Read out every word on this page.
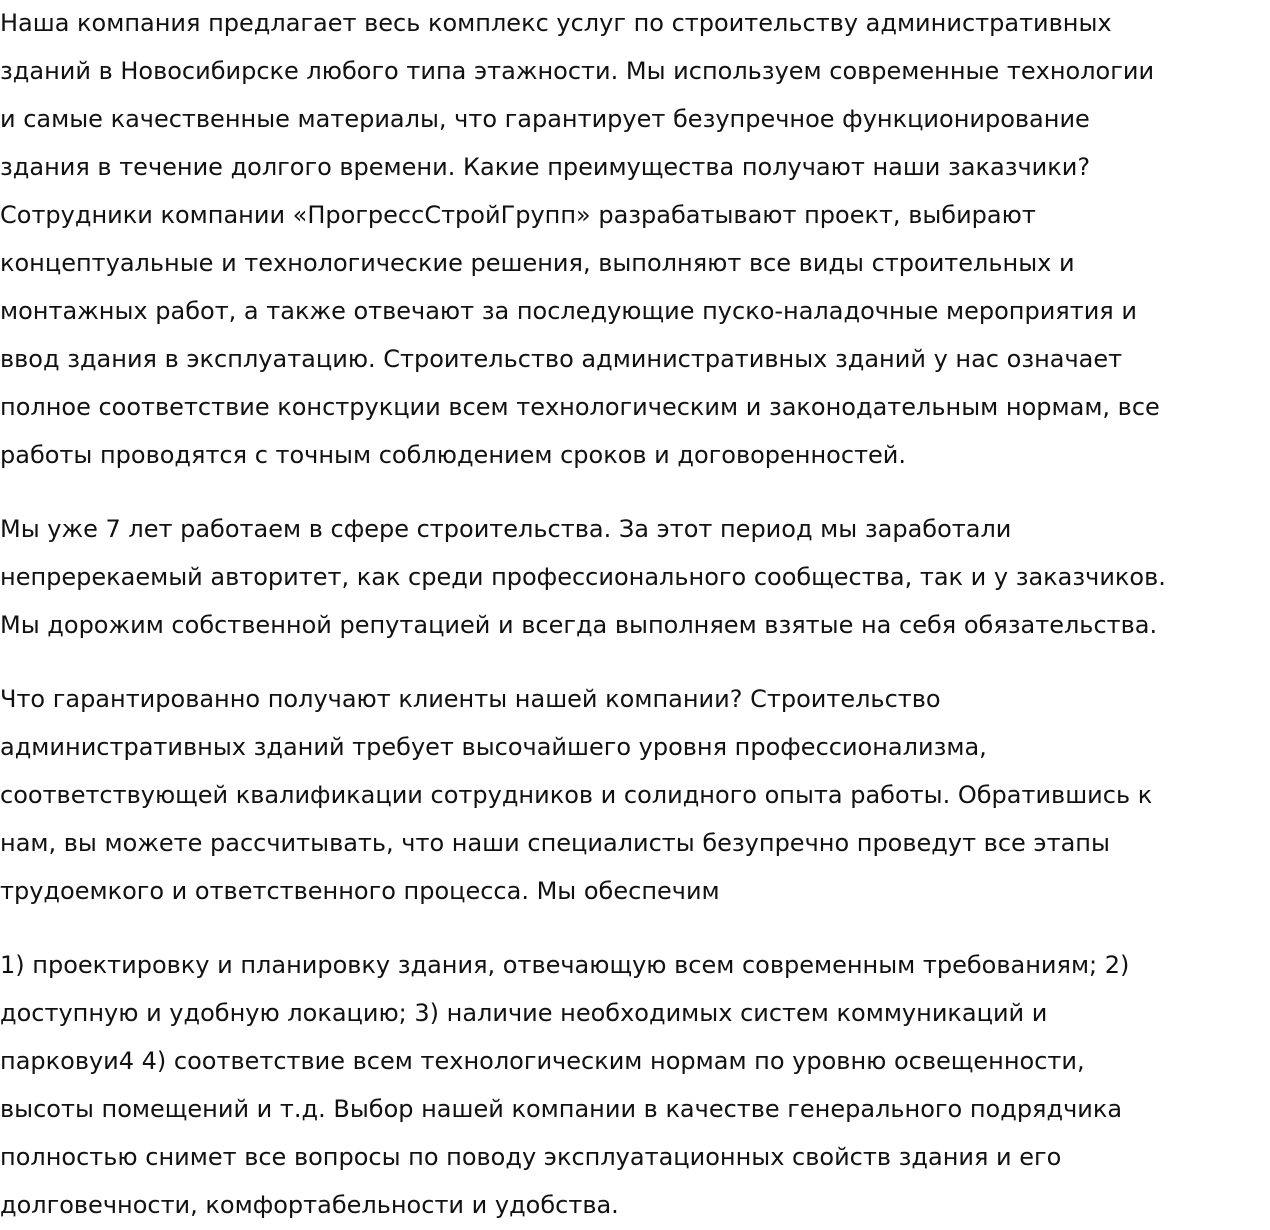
Наша компания предлагает весь комплекс услуг по строительству административных
зданий в Новосибирске любого типа этажности. Мы используем современные технологии
и самые качественные материалы, что гарантирует безупречное функционирование
здания в течение долгого времени. Какие преимущества получают наши заказчики?
Сотрудники компании «ПрогрессСтройГрупп» разрабатывают проект, выбирают
концептуальные и технологические решения, выполняют все виды строительных и
монтажных работ, а также отвечают за последующие пуско-наладочные мероприятия и
ввод здания в эксплуатацию. Строительство административных зданий у нас означает
полное соответствие конструкции всем технологическим и законодательным нормам, все
работы проводятся с точным соблюдением сроков и договоренностей.

Мы уже 7 лет работаем в сфере строительства. За этот период мы заработали
непререкаемый авторитет, как среди профессионального сообщества, так и у заказчиков.
Мы дорожим собственной репутацией и всегда выполняем взятые на себя обязательства.

Что гарантированно получают клиенты нашей компании? Строительство
административных зданий требует высочайшего уровня профессионализма,
соответствующей квалификации сотрудников и солидного опыта работы. Обратившись к
нам, вы можете рассчитывать, что наши специалисты безупречно проведут все этапы
трудоемкого и ответственного процесса. Мы обеспечим

1) проектировку и планировку здания, отвечающую всем современным требованиям; 2)
доступную и удобную локацию; 3) наличие необходимых систем коммуникаций и
парковуи4 4) соответствие всем технологическим нормам по уровню освещенности,
высоты помещений и т.д. Выбор нашей компании в качестве генерального подрядчика
полностью снимет все вопросы по поводу эксплуатационных свойств здания и его
долговечности, комфортабельности и удобства.
